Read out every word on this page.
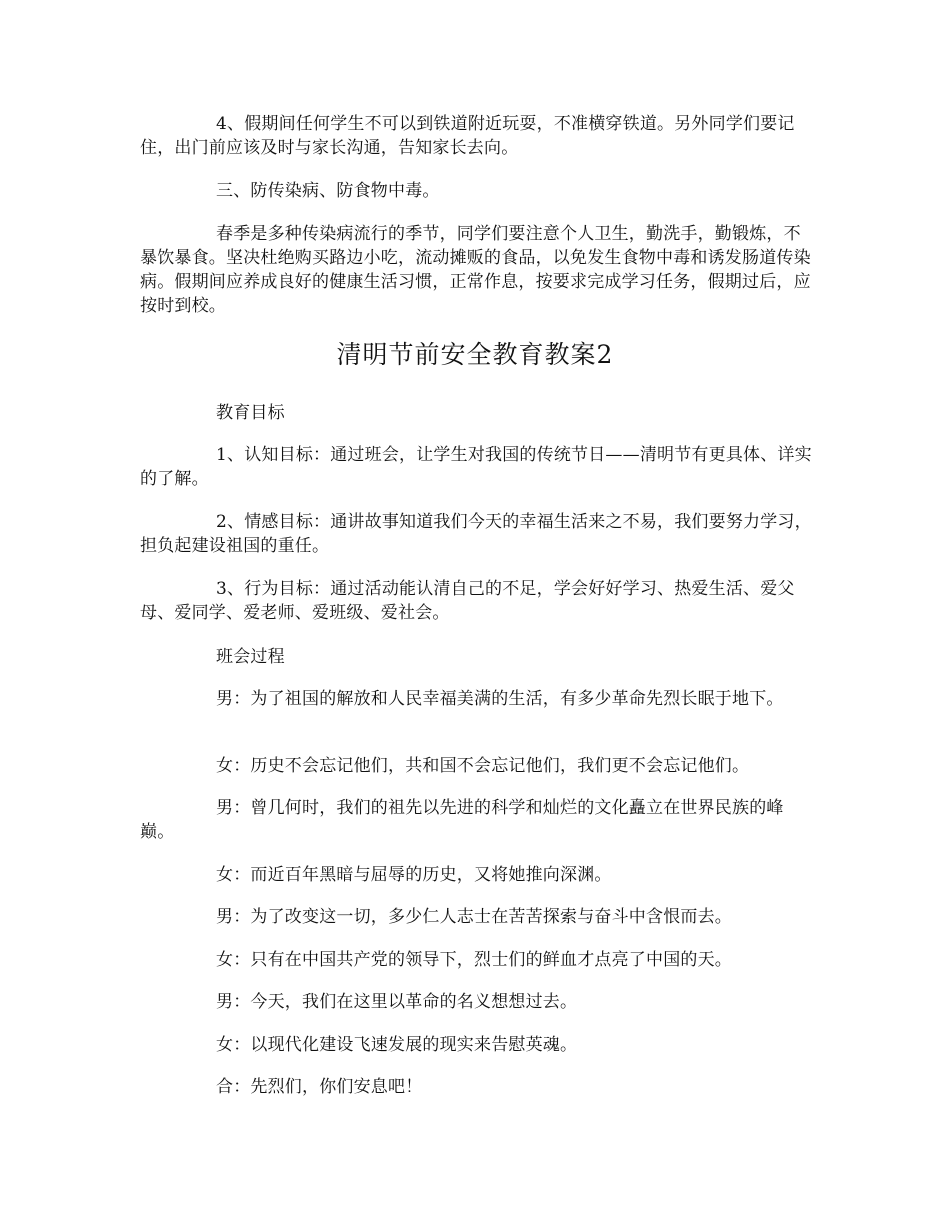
4、假期间任何学生不可以到铁道附近玩耍，不准横穿铁道。另外同学们要记住，出门前应该及时与家长沟通，告知家长去向。

三、防传染病、防食物中毒。

春季是多种传染病流行的季节，同学们要注意个人卫生，勤洗手，勤锻炼，不暴饮暴食。坚决杜绝购买路边小吃，流动摊贩的食品，以免发生食物中毒和诱发肠道传染病。假期间应养成良好的健康生活习惯，正常作息，按要求完成学习任务，假期过后，应按时到校。

清明节前安全教育教案2

教育目标

1、认知目标：通过班会，让学生对我国的传统节日——清明节有更具体、详实的了解。

2、情感目标：通讲故事知道我们今天的幸福生活来之不易，我们要努力学习，担负起建设祖国的重任。

3、行为目标：通过活动能认清自己的不足，学会好好学习、热爱生活、爱父母、爱同学、爱老师、爱班级、爱社会。

班会过程

男：为了祖国的解放和人民幸福美满的生活，有多少革命先烈长眠于地下。

女：历史不会忘记他们，共和国不会忘记他们，我们更不会忘记他们。

男：曾几何时，我们的祖先以先进的科学和灿烂的文化矗立在世界民族的峰巅。

女：而近百年黑暗与屈辱的历史，又将她推向深渊。

男：为了改变这一切，多少仁人志士在苦苦探索与奋斗中含恨而去。

女：只有在中国共产党的领导下，烈士们的鲜血才点亮了中国的天。

男：今天，我们在这里以革命的名义想想过去。

女：以现代化建设飞速发展的现实来告慰英魂。

合：先烈们，你们安息吧！
